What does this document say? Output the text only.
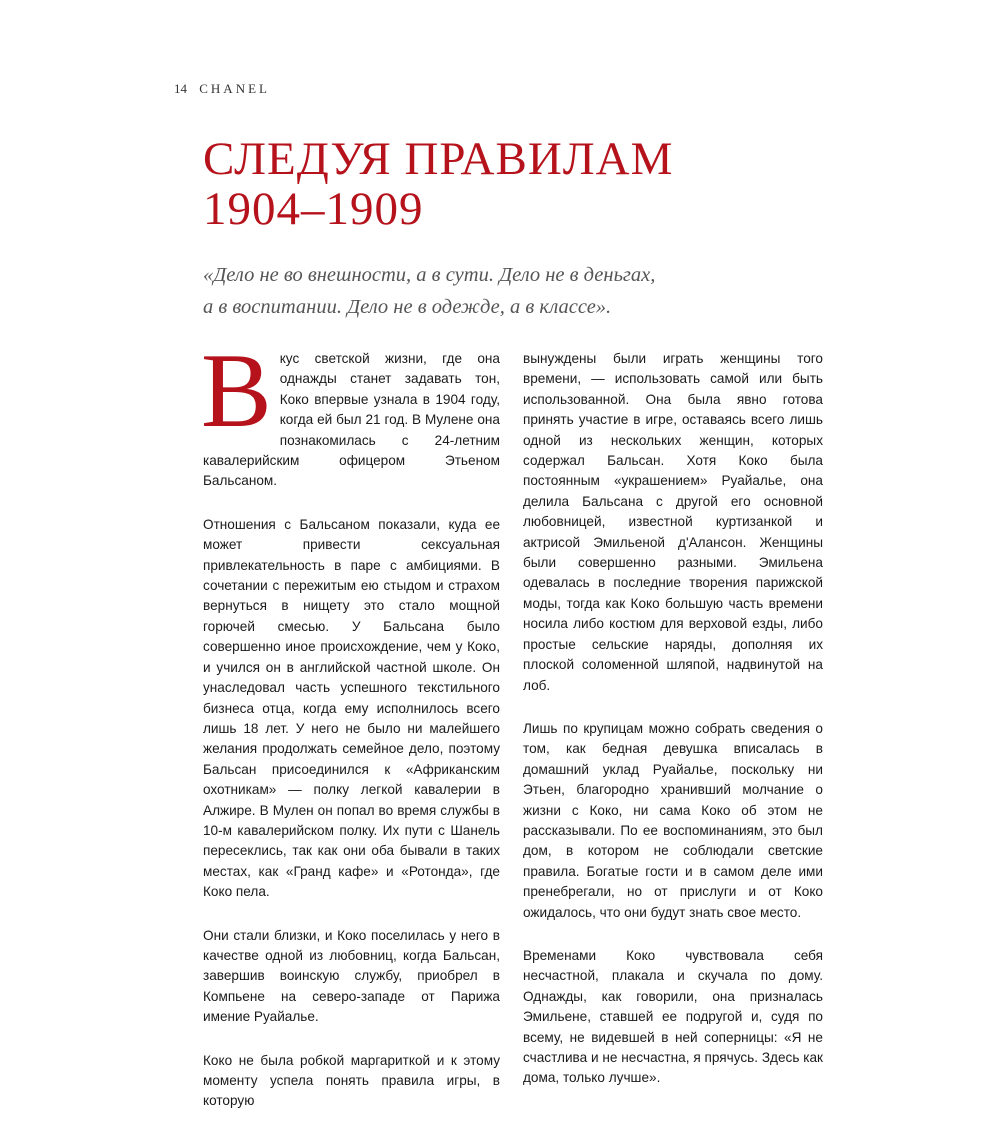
14 CHANEL
СЛЕДУЯ ПРАВИЛАМ
1904–1909
«Дело не во внешности, а в сути. Дело не в деньгах,
а в воспитании. Дело не в одежде, а в классе».

Вкус светской жизни, где она однажды станет задавать тон, Коко впервые узнала в 1904 году, когда ей был 21 год. В Мулене она познакомилась с 24-летним кавалерийским офицером Этьеном Бальсаном.

Отношения с Бальсаном показали, куда ее может привести сексуальная привлекательность в паре с амбициями. В сочетании с пережитым ею стыдом и страхом вернуться в нищету это стало мощной горючей смесью. У Бальсана было совершенно иное происхождение, чем у Коко, и учился он в английской частной школе. Он унаследовал часть успешного текстильного бизнеса отца, когда ему исполнилось всего лишь 18 лет. У него не было ни малейшего желания продолжать семейное дело, поэтому Бальсан присоединился к «Африканским охотникам» — полку легкой кавалерии в Алжире. В Мулен он попал во время службы в 10-м кавалерийском полку. Их пути с Шанель пересеклись, так как они оба бывали в таких местах, как «Гранд кафе» и «Ротонда», где Коко пела.

Они стали близки, и Коко поселилась у него в качестве одной из любовниц, когда Бальсан, завершив воинскую службу, приобрел в Компьене на северо-западе от Парижа имение Руайалье.

Коко не была робкой маргариткой и к этому моменту успела понять правила игры, в которую

вынуждены были играть женщины того времени, — использовать самой или быть использованной. Она была явно готова принять участие в игре, оставаясь всего лишь одной из нескольких женщин, которых содержал Бальсан. Хотя Коко была постоянным «украшением» Руайалье, она делила Бальсана с другой его основной любовницей, известной куртизанкой и актрисой Эмильеной д'Алансон. Женщины были совершенно разными. Эмильена одевалась в последние творения парижской моды, тогда как Коко большую часть времени носила либо костюм для верховой езды, либо простые сельские наряды, дополняя их плоской соломенной шляпой, надвинутой на лоб.

Лишь по крупицам можно собрать сведения о том, как бедная девушка вписалась в домашний уклад Руайалье, поскольку ни Этьен, благородно хранивший молчание о жизни с Коко, ни сама Коко об этом не рассказывали. По ее воспоминаниям, это был дом, в котором не соблюдали светские правила. Богатые гости и в самом деле ими пренебрегали, но от прислуги и от Коко ожидалось, что они будут знать свое место.

Временами Коко чувствовала себя несчастной, плакала и скучала по дому. Однажды, как говорили, она призналась Эмильене, ставшей ее подругой и, судя по всему, не видевшей в ней соперницы: «Я не счастлива и не несчастна, я прячусь. Здесь как дома, только лучше».
